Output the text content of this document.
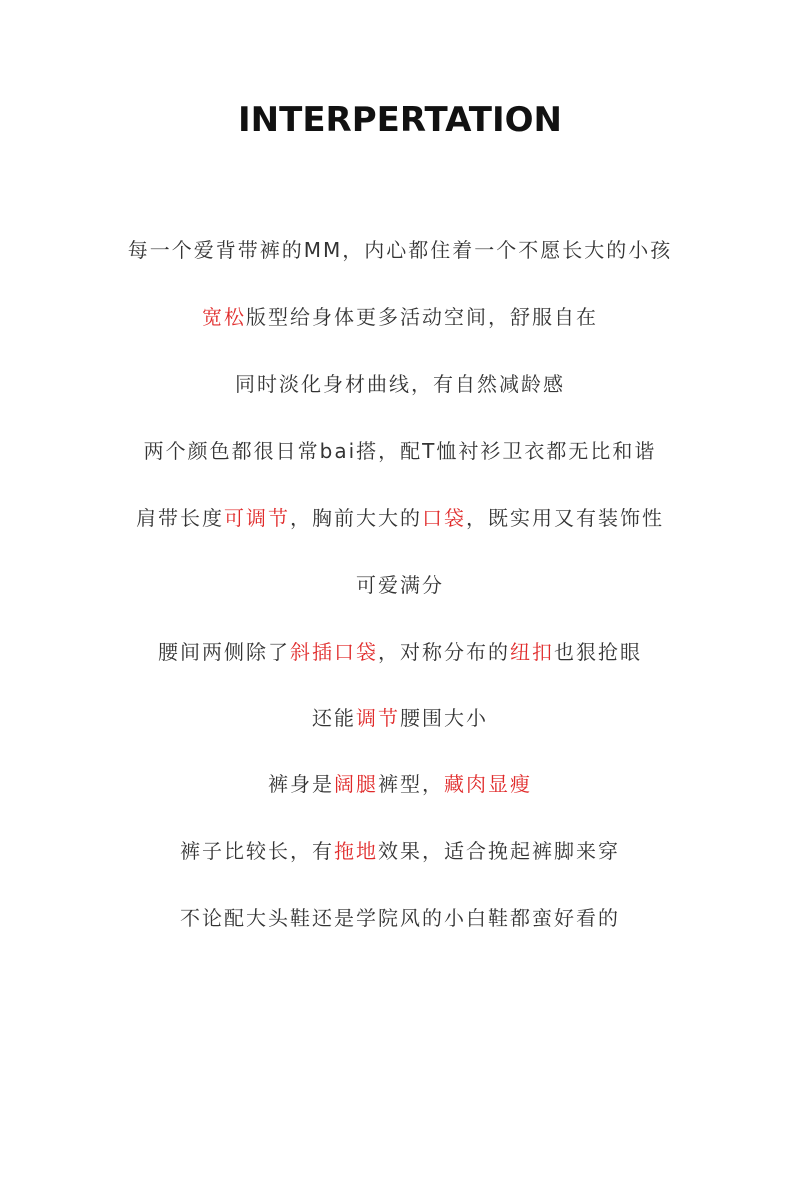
INTERPERTATION
每一个爱背带裤的MM，内心都住着一个不愿长大的小孩
宽松版型给身体更多活动空间，舒服自在
同时淡化身材曲线，有自然减龄感
两个颜色都很日常bai搭，配T恤衬衫卫衣都无比和谐
肩带长度可调节，胸前大大的口袋，既实用又有装饰性
可爱满分
腰间两侧除了斜插口袋，对称分布的纽扣也狠抢眼
还能调节腰围大小
裤身是阔腿裤型，藏肉显瘦
裤子比较长，有拖地效果，适合挽起裤脚来穿
不论配大头鞋还是学院风的小白鞋都蛮好看的
